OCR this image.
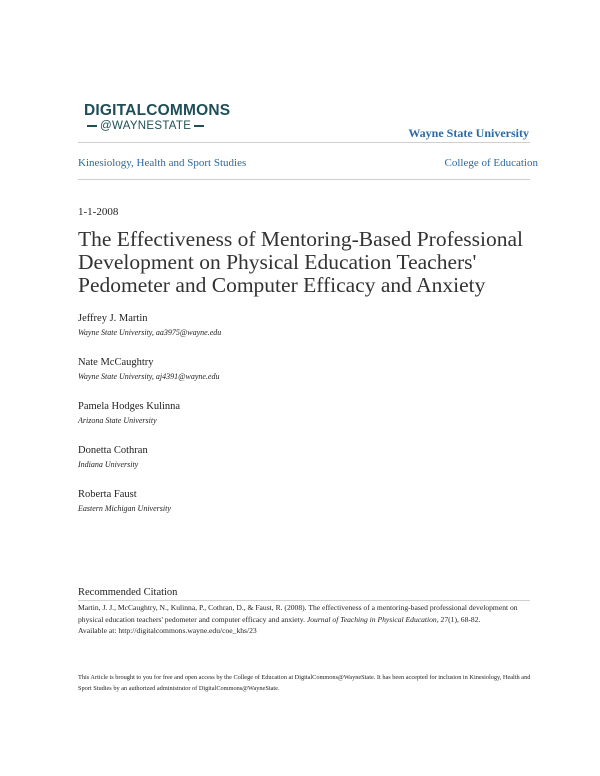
DIGITALCOMMONS
@WAYNESTATE	Wayne State University
Kinesiology, Health and Sport Studies	College of Education
1-1-2008
The Effectiveness of Mentoring-Based Professional Development on Physical Education Teachers' Pedometer and Computer Efficacy and Anxiety
Jeffrey J. Martin
Wayne State University, aa3975@wayne.edu
Nate McCaughtry
Wayne State University, aj4391@wayne.edu
Pamela Hodges Kulinna
Arizona State University
Donetta Cothran
Indiana University
Roberta Faust
Eastern Michigan University
Recommended Citation
Martin, J. J., McCaughtry, N., Kulinna, P., Cothran, D., & Faust, R. (2008). The effectiveness of a mentoring-based professional development on physical education teachers' pedometer and computer efficacy and anxiety. Journal of Teaching in Physical Education, 27(1), 68-82.
Available at: http://digitalcommons.wayne.edu/coe_khs/23
This Article is brought to you for free and open access by the College of Education at DigitalCommons@WayneState. It has been accepted for inclusion in Kinesiology, Health and Sport Studies by an authorized administrator of DigitalCommons@WayneState.
